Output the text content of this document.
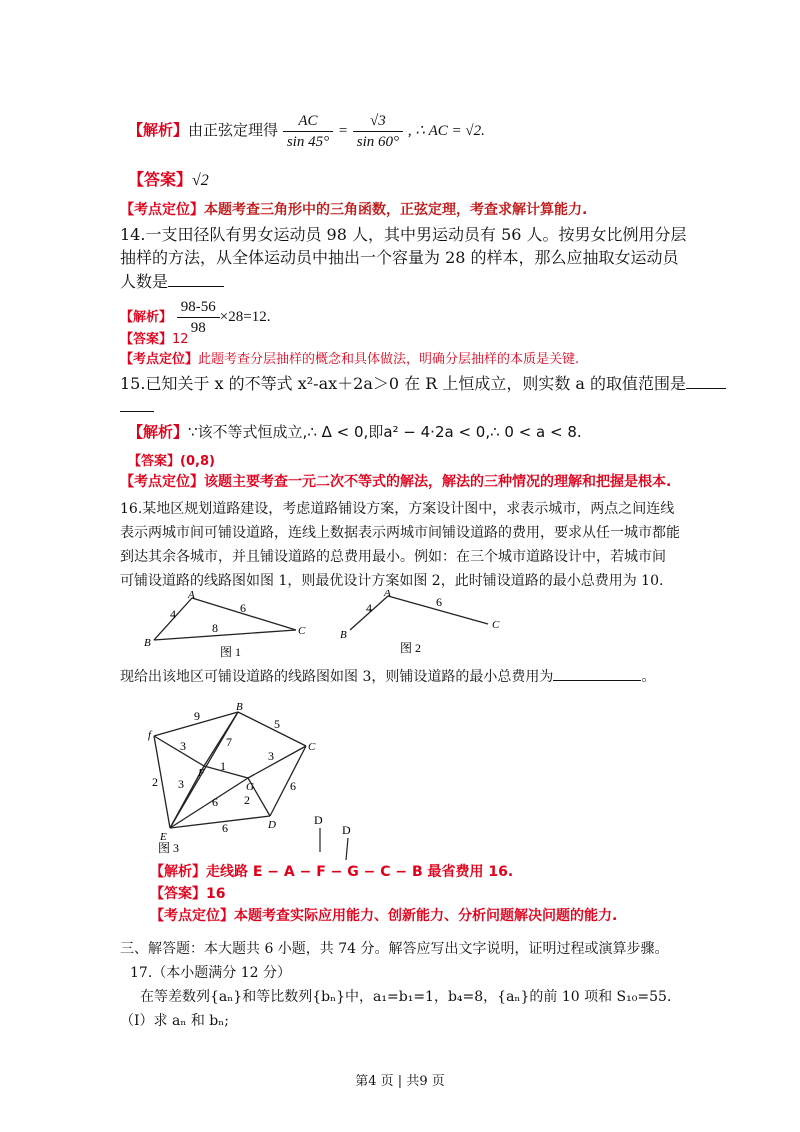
【解析】由正弦定理得 $\frac{AC}{\sin 45^\circ} = \frac{√3}{\sin 60^\circ}$ , ∴ AC = √2.
【答案】√2
【考点定位】本题考查三角形中的三角函数，正弦定理，考查求解计算能力.
14.一支田径队有男女运动员 98 人，其中男运动员有 56 人。按男女比例用分层
抽样的方法，从全体运动员中抽出一个容量为 28 的样本，那么应抽取女运动员
人数是
【解析】 $\frac{98-56}{98} \times 28=12$.
【答案】12
【考点定位】此题考查分层抽样的概念和具体做法，明确分层抽样的本质是关键.
15.已知关于 x 的不等式 x²-ax＋2a＞0 在 R 上恒成立，则实数 a 的取值范围是
【解析】∵该不等式恒成立,∴ Δ < 0,即a² − 4·2a < 0,∴ 0 < a < 8.
【答案】(0,8)
【考点定位】该题主要考查一元二次不等式的解法，解法的三种情况的理解和把握是根本.
16.某地区规划道路建设，考虑道路铺设方案，方案设计图中，求表示城市，两点之间连线
表示两城市间可铺设道路，连线上数据表示两城市间铺设道路的费用，要求从任一城市都能
到达其余各城市，并且铺设道路的总费用最小。例如：在三个城市道路设计中，若城市间
可铺设道路的线路图如图 1，则最优设计方案如图 2，此时铺设道路的最小总费用为 10.
A
B
C
4	6
8
图 1
A
B
C
4	6
图 2
现给出该地区可铺设道路的线路图如图 3，则铺设道路的最小总费用为	。
f
B
C
F
G
D
E
9
5
2
3	7
1
3
3
6 2
6
6
图 3
D
D
【解析】走线路 E − A − F − G − C − B 最省费用 16.
【答案】16
【考点定位】本题考查实际应用能力、创新能力、分析问题解决问题的能力.
三、解答题：本大题共 6 小题，共 74 分。解答应写出文字说明，证明过程或演算步骤。
17.（本小题满分 12 分）
在等差数列{aₙ}和等比数列{bₙ}中，a₁=b₁=1，b₄=8，{aₙ}的前 10 项和 S₁₀=55.
（Ⅰ）求 aₙ 和 bₙ;
第4 页 | 共9 页
